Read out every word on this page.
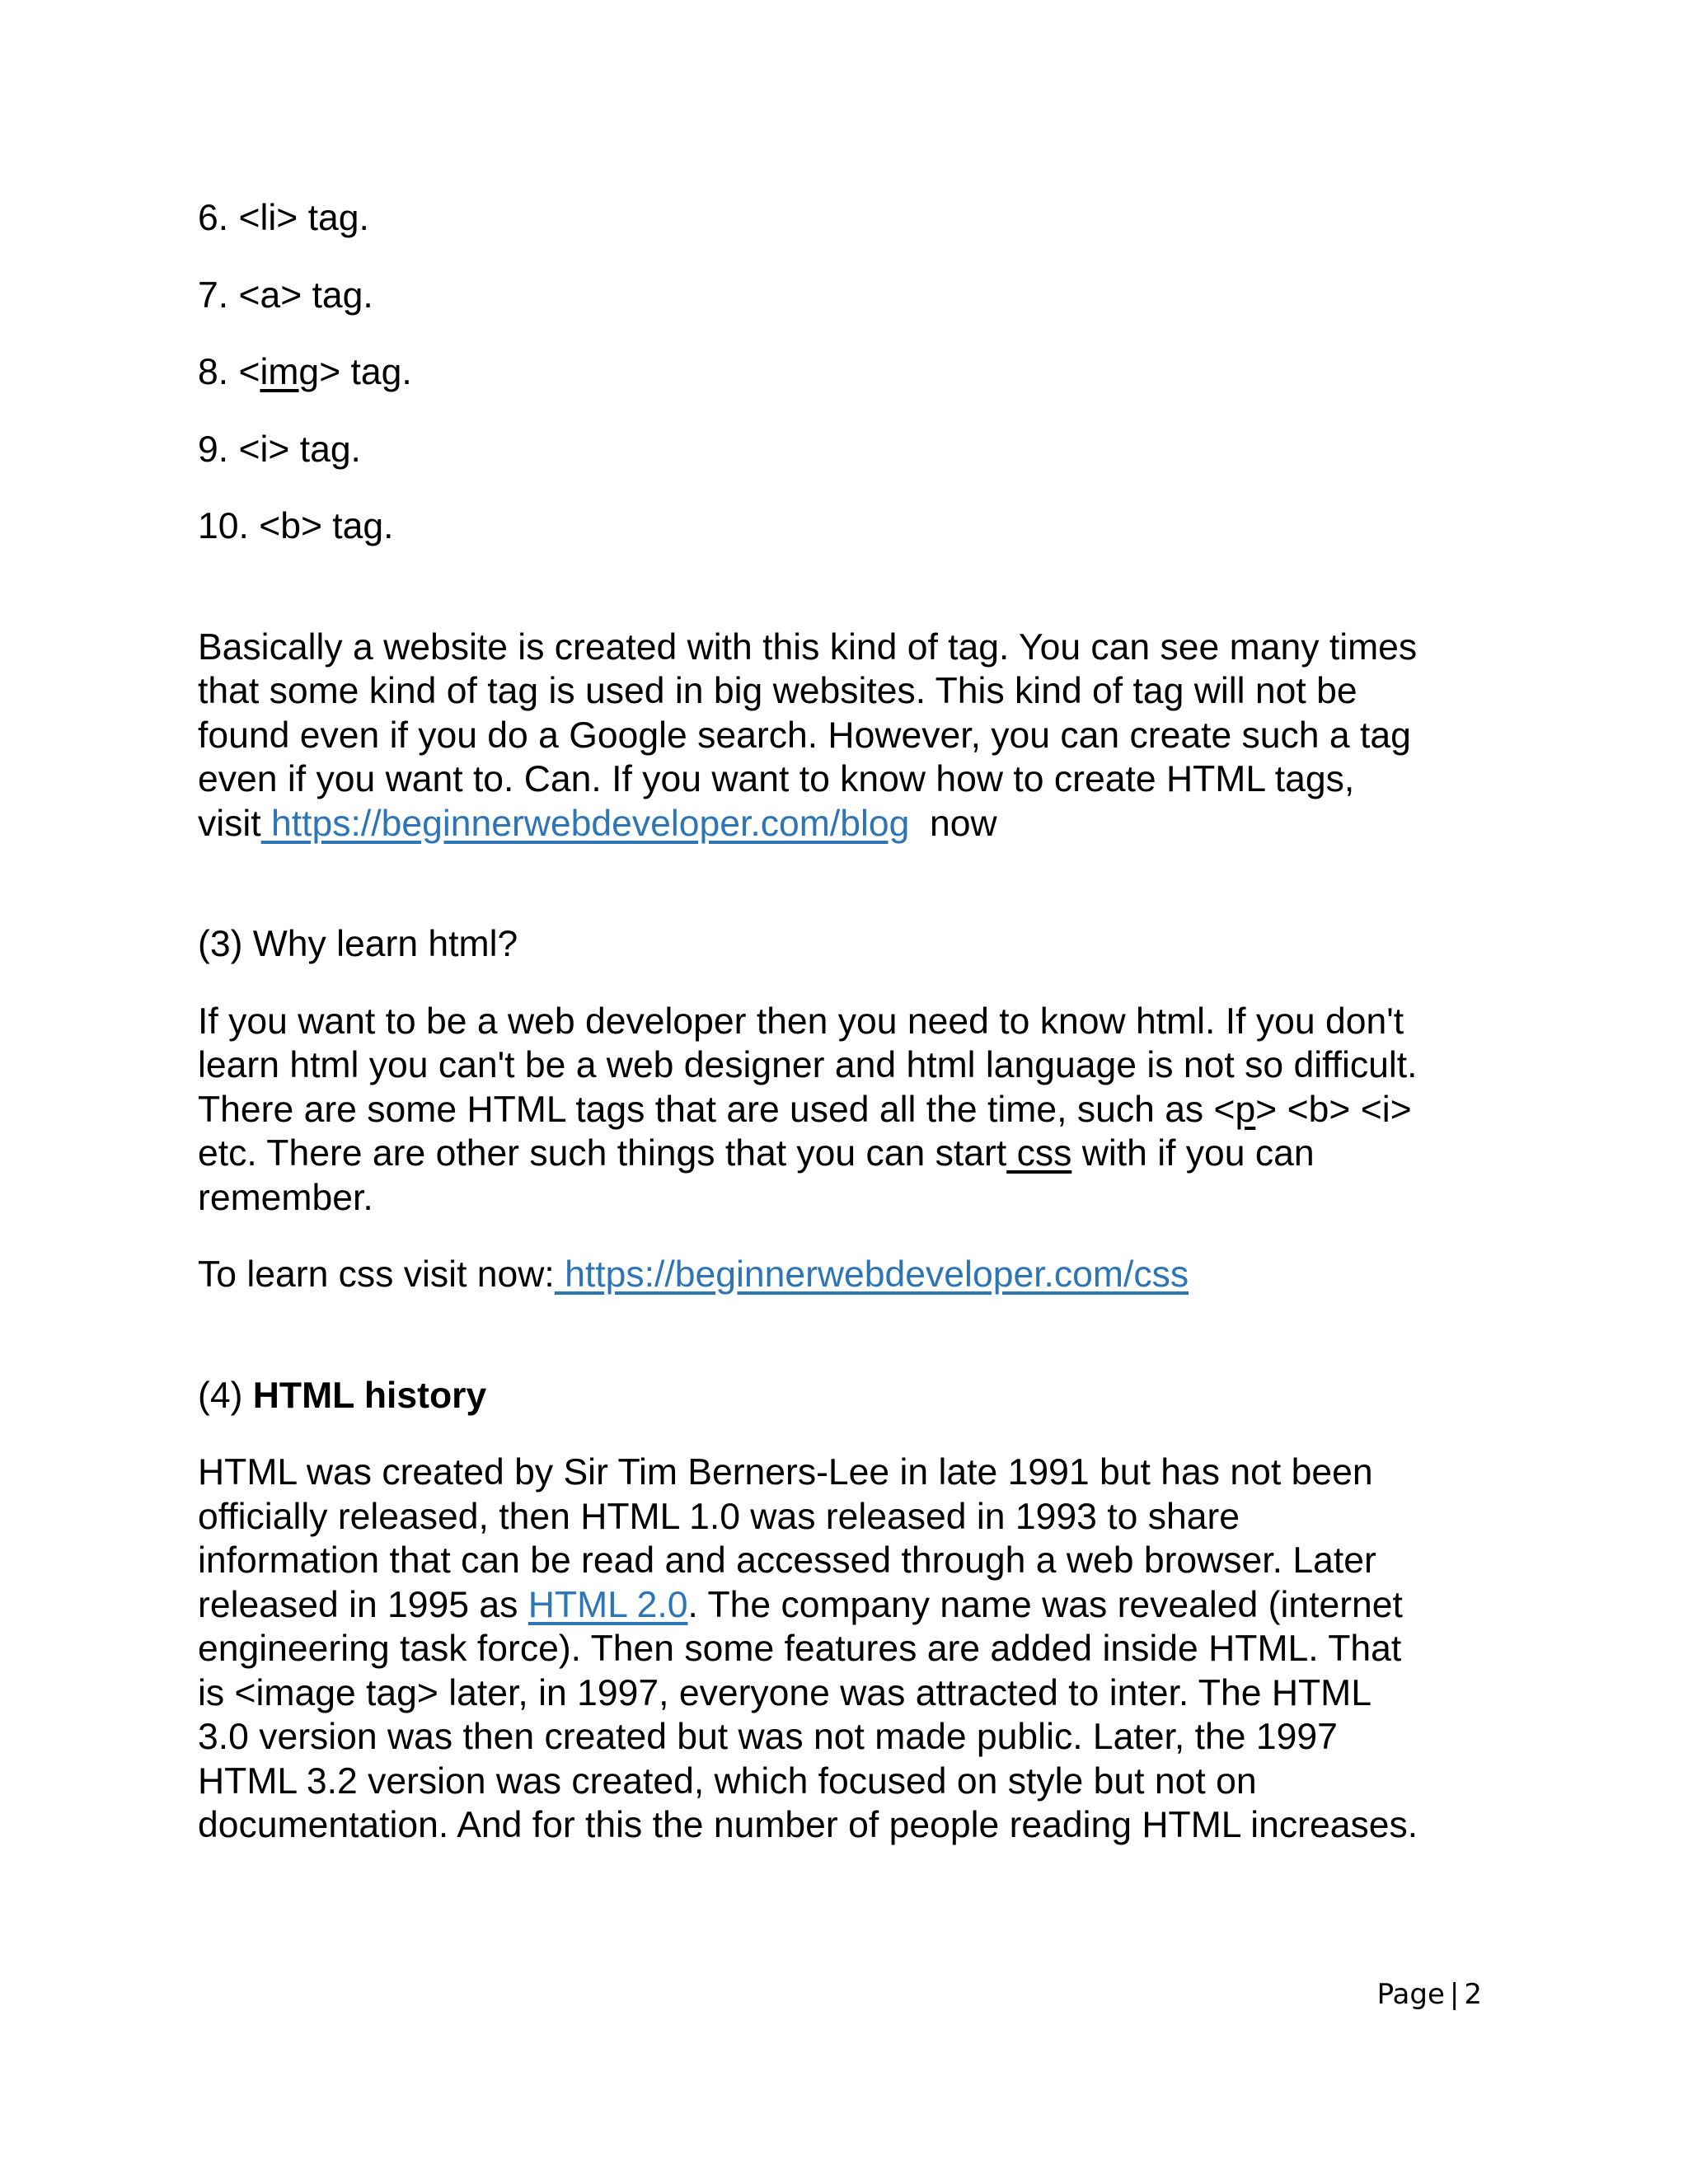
6. <li> tag.
7. <a> tag.
8. <img> tag.
9. <i> tag.
10. <b> tag.
Basically a website is created with this kind of tag. You can see many times
that some kind of tag is used in big websites. This kind of tag will not be
found even if you do a Google search. However, you can create such a tag
even if you want to. Can. If you want to know how to create HTML tags,
visit https://beginnerwebdeveloper.com/blog  now
(3) Why learn html?
If you want to be a web developer then you need to know html. If you don't
learn html you can't be a web designer and html language is not so difficult.
There are some HTML tags that are used all the time, such as <p> <b> <i>
etc. There are other such things that you can start css with if you can
remember.
To learn css visit now: https://beginnerwebdeveloper.com/css
(4) HTML history
HTML was created by Sir Tim Berners-Lee in late 1991 but has not been
officially released, then HTML 1.0 was released in 1993 to share
information that can be read and accessed through a web browser. Later
released in 1995 as HTML 2.0. The company name was revealed (internet
engineering task force). Then some features are added inside HTML. That
is <image tag> later, in 1997, everyone was attracted to inter. The HTML
3.0 version was then created but was not made public. Later, the 1997
HTML 3.2 version was created, which focused on style but not on
documentation. And for this the number of people reading HTML increases.
Page | 2
